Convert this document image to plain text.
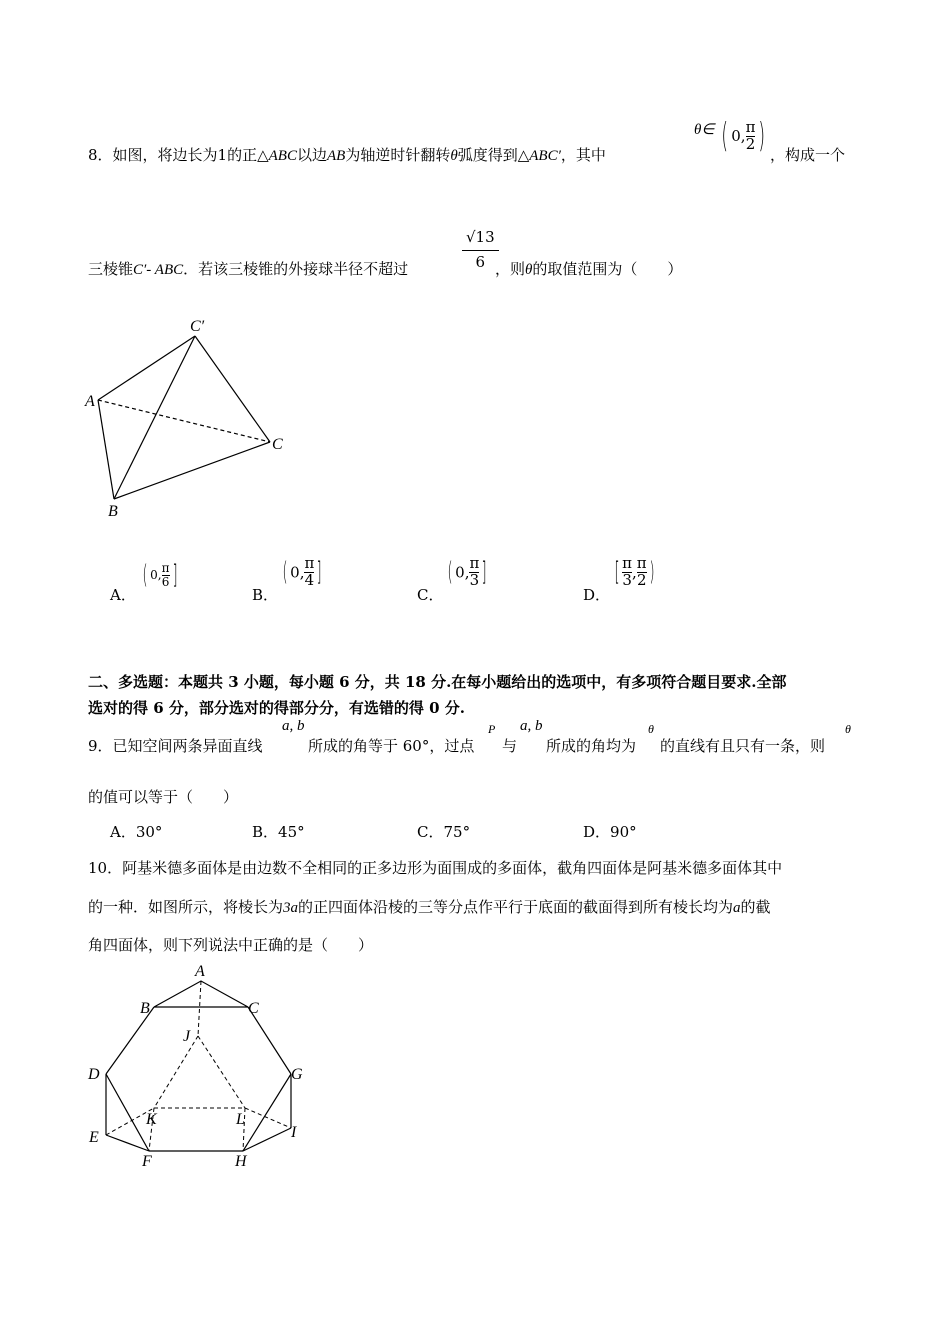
8．如图，将边长为1的正△ABC以边AB为轴逆时针翻转θ弧度得到△ABC′，其中
θ∈ ( 0, $\frac{\pi}{2}$ ) ，构成一个
三棱锥C′- ABC．若该三棱锥的外接球半径不超过	$\frac{√13}{6}$
，则θ的取值范围为（　　）
C′
A
C
B
A．
( 0, $\frac{\pi}{6}$ ]
B．
( 0, $\frac{\pi}{4}$ ]
C．
( 0, $\frac{\pi}{3}$ ]
D．
[ $\frac{\pi}{3}$ , $\frac{\pi}{2}$ )
二、多选题：本题共 3 小题，每小题 6 分，共 18 分.在每小题给出的选项中，有多项符合题目要求.全部
选对的得 6 分，部分选对的得部分分，有选错的得 0 分.
9．已知空间两条异面直线
a, b
所成的角等于 60°，过点
P
与
a, b
所成的角均为
θ
的直线有且只有一条，则
θ
的值可以等于（　　）
A．30°	B．45°	C．75°	D．90°
10．阿基米德多面体是由边数不全相同的正多边形为面围成的多面体，截角四面体是阿基米德多面体其中
的一种．如图所示，将棱长为3a的正四面体沿棱的三等分点作平行于底面的截面得到所有棱长均为a的截
角四面体，则下列说法中正确的是（　　）
A
B	C
J
D	G
K	L
E	I
F	H
